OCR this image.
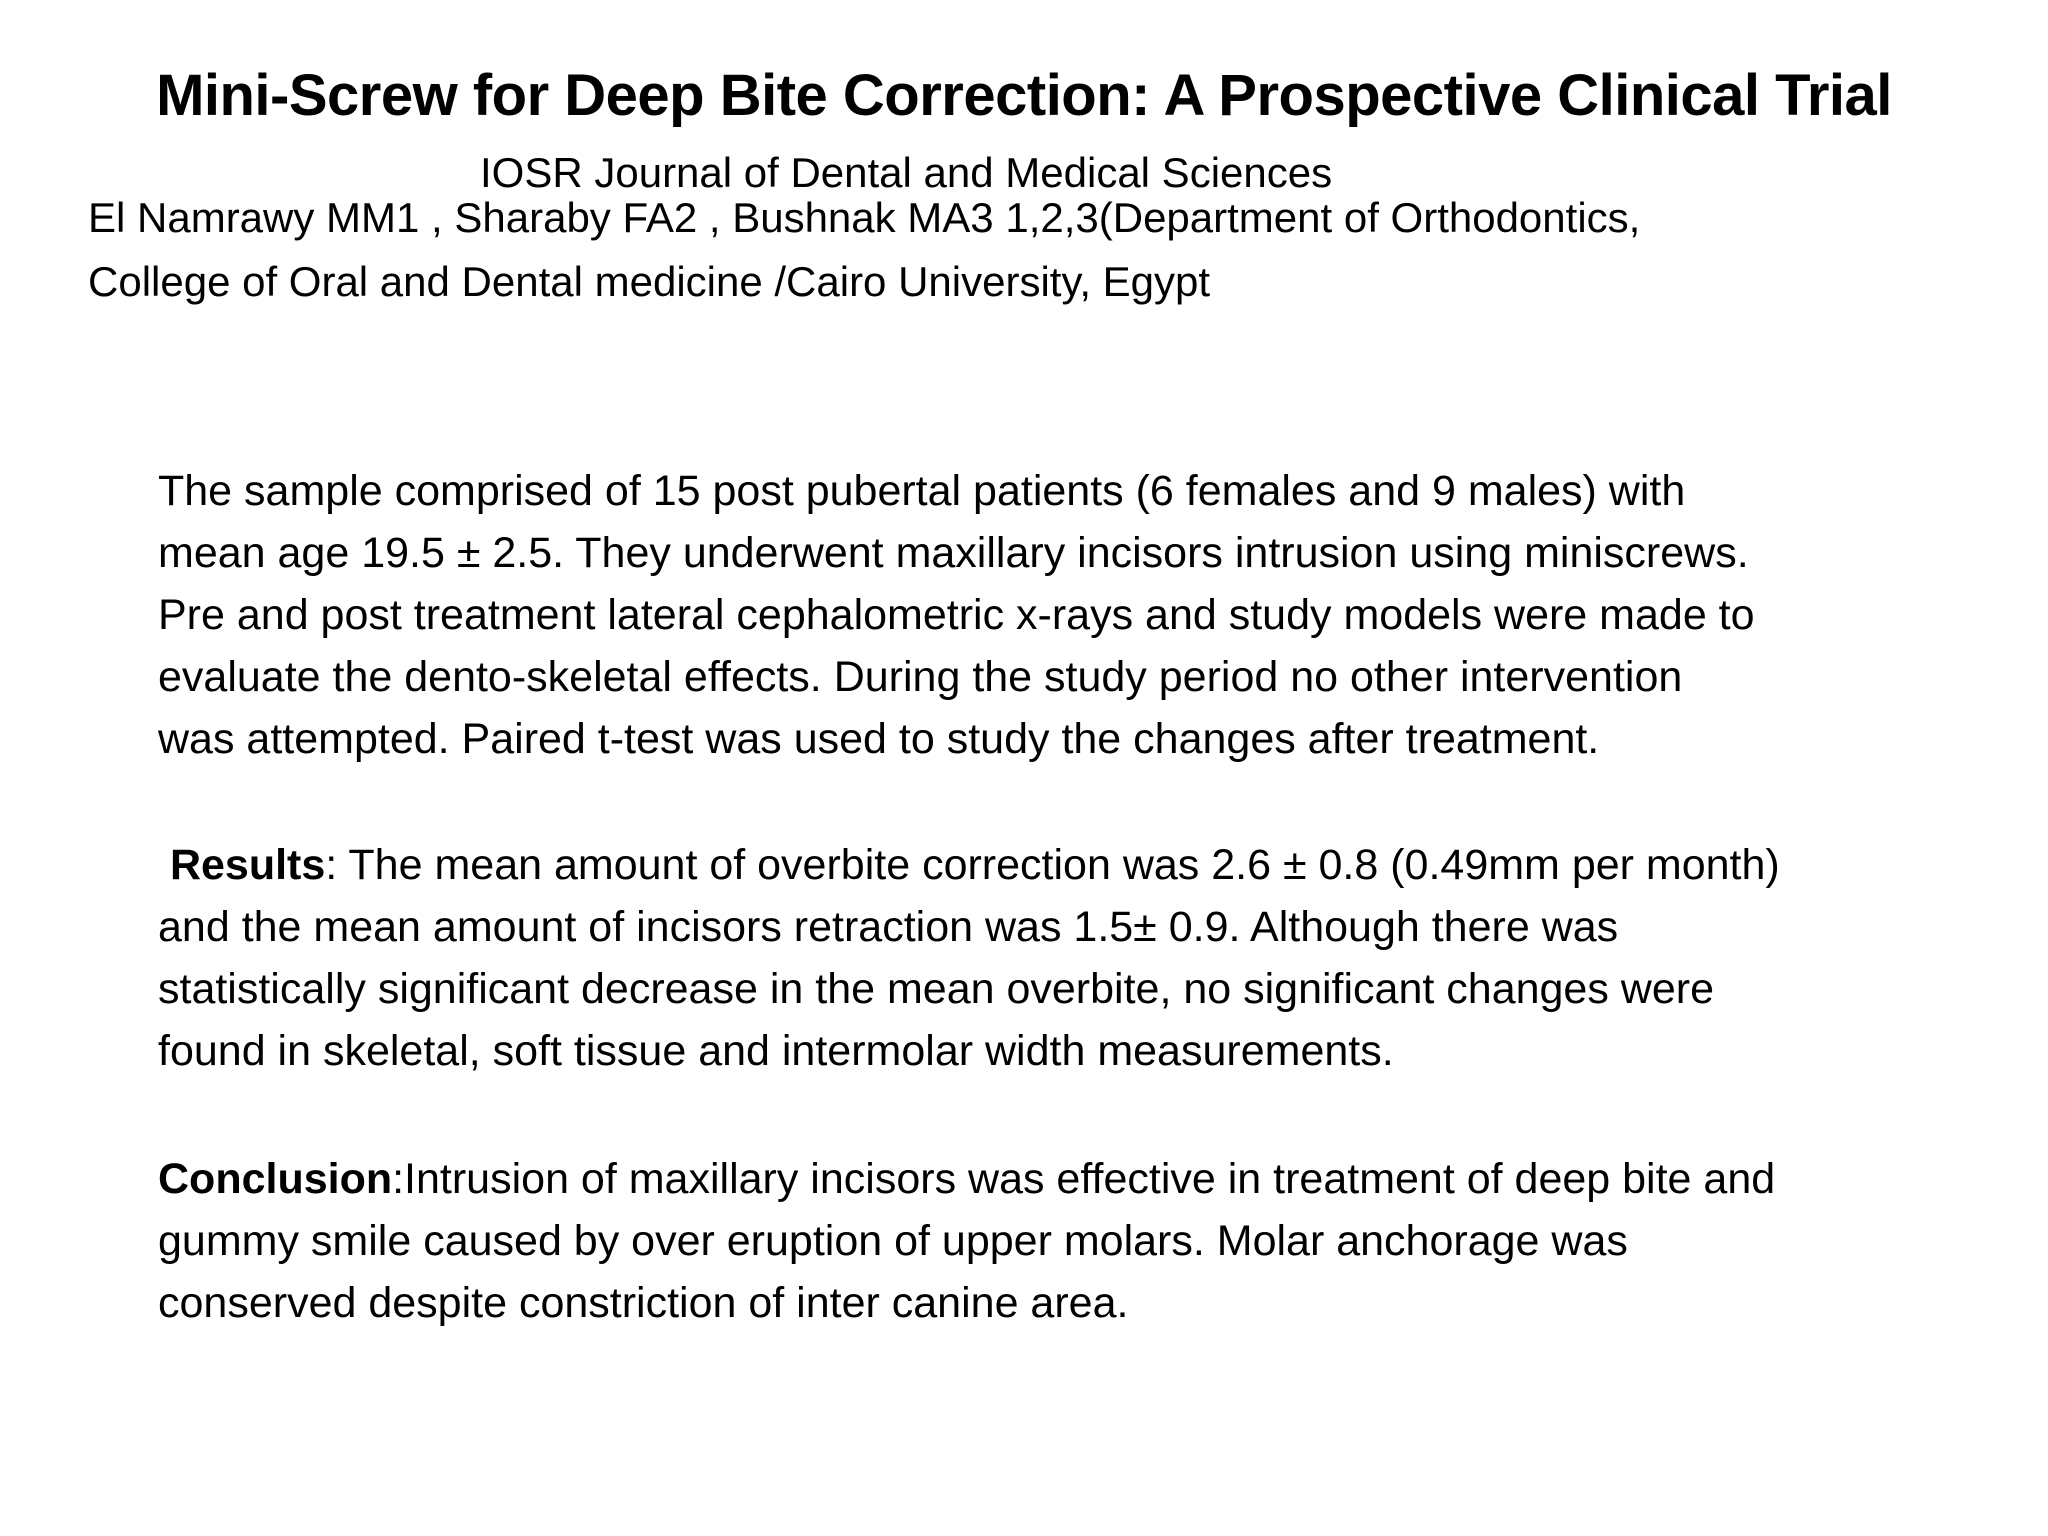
Mini-Screw for Deep Bite Correction: A Prospective Clinical Trial
IOSR Journal of Dental and Medical Sciences
El Namrawy MM1 , Sharaby FA2 , Bushnak MA3 1,2,3(Department of Orthodontics,
College of Oral and Dental medicine /Cairo University, Egypt
The sample comprised of 15 post pubertal patients (6 females and 9 males) with
mean age 19.5 ± 2.5. They underwent maxillary incisors intrusion using miniscrews.
Pre and post treatment lateral cephalometric x-rays and study models were made to
evaluate the dento-skeletal effects. During the study period no other intervention
was attempted. Paired t-test was used to study the changes after treatment.
Results: The mean amount of overbite correction was 2.6 ± 0.8 (0.49mm per month)
and the mean amount of incisors retraction was 1.5± 0.9. Although there was
statistically significant decrease in the mean overbite, no significant changes were
found in skeletal, soft tissue and intermolar width measurements.
Conclusion:Intrusion of maxillary incisors was effective in treatment of deep bite and
gummy smile caused by over eruption of upper molars. Molar anchorage was
conserved despite constriction of inter canine area.
